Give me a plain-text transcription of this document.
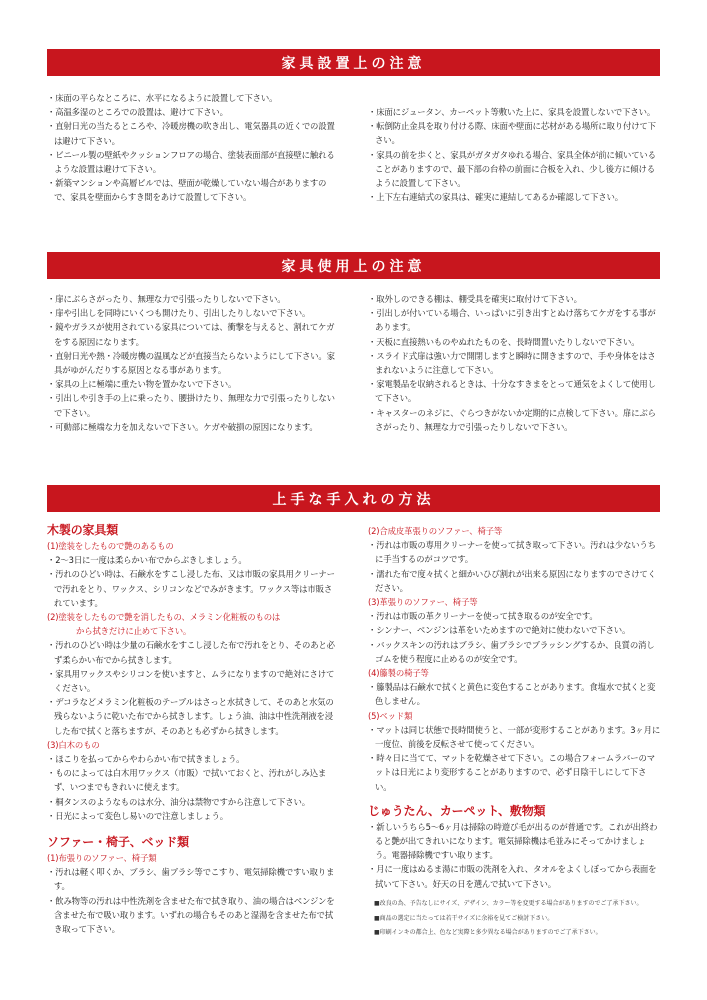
家具設置上の注意

・ 床面の平らなところに、水平になるように設置して下さい。

・ 高温多湿のところでの設置は、避けて下さい。

・ 直射日光の当たるところや、冷暖房機の吹き出し、電気器具の近くでの設置は避けて下さい。

・ ビニール製の壁紙やクッションフロアの場合、塗装表面部が直接壁に触れるような設置は避けて下さい。

・ 新築マンションや高層ビルでは、壁面が乾燥していない場合がありますので、家具を壁面からすき間をあけて設置して下さい。

・ 床面にジュータン、カーペット等敷いた上に、家具を設置しないで下さい。

・ 転倒防止金具を取り付ける際、床面や壁面に芯材がある場所に取り付けて下さい。

・ 家具の前を歩くと、家具がガタガタゆれる場合、家具全体が前に傾いていることがありますので、最下部の台枠の前面に合板を入れ、少し後方に傾けるように設置して下さい。

・ 上下左右連結式の家具は、確実に連結してあるか確認して下さい。

家具使用上の注意

・ 扉にぶらさがったり、無理な力で引張ったりしないで下さい。

・ 扉や引出しを同時にいくつも開けたり、引出したりしないで下さい。

・ 鏡やガラスが使用されている家具については、衝撃を与えると、割れてケガをする原因になります。

・ 直射日光や熱・冷暖房機の温風などが直接当たらないようにして下さい。家具がゆがんだりする原因となる事があります。

・ 家具の上に極端に重たい物を置かないで下さい。

・ 引出しや引き手の上に乗ったり、腰掛けたり、無理な力で引張ったりしないで下さい。

・ 可動部に極端な力を加えないで下さい。ケガや破損の原因になります。

・ 取外しのできる棚は、棚受具を確実に取付けて下さい。

・ 引出しが付いている場合、いっぱいに引き出すとぬけ落ちてケガをする事があります。

・ 天板に直接熱いものやぬれたものを、長時間置いたりしないで下さい。

・ スライド式扉は強い力で開閉しますと瞬時に開きますので、手や身体をはさまれないように注意して下さい。

・ 家電製品を収納されるときは、十分なすきまをとって通気をよくして使用して下さい。

・ キャスターのネジに、ぐらつきがないか定期的に点検して下さい。扉にぶらさがったり、無理な力で引張ったりしないで下さい。

上手な手入れの方法
木製の家具類

(1)塗装をしたもので艶のあるもの

・ 2～3日に一度は柔らかい布でからぶきしましょう。

・ 汚れのひどい時は、石鹸水をすこし浸した布、又は市販の家具用クリーナーで汚れをとり、ワックス、シリコンなどでみがきます。ワックス等は市販されています。

(2)塗装をしたもので艶を消したもの、メラミン化粧板のものは

から拭きだけに止めて下さい。

・ 汚れのひどい時は少量の石鹸水をすこし浸した布で汚れをとり、そのあと必ず柔らかい布でから拭きします。

・ 家具用ワックスやシリコンを使いますと、ムラになりますので絶対にさけてください。

・ デコラなどメラミン化粧板のテーブルはさっと水拭きして、そのあと水気の残らないように乾いた布でから拭きします。しょう油、油は中性洗剤液を浸した布で拭くと落ちますが、そのあとも必ずから拭きします。

(3)白木のもの

・ ほこりを払ってからやわらかい布で拭きましょう。

・ ものによっては白木用ワックス（市販）で拭いておくと、汚れがしみ込まず、いつまでもきれいに使えます。

・ 桐タンスのようなものは水分、油分は禁物ですから注意して下さい。

・ 日光によって変色し易いので注意しましょう。

ソファー・椅子、ベッド類

(1)布張りのソファー、椅子類

・ 汚れは軽く叩くか、ブラシ、歯ブラシ等でこすり、電気掃除機ですい取ります。

・ 飲み物等の汚れは中性洗剤を含ませた布で拭き取り、油の場合はベンジンを含ませた布で吸い取ります。いずれの場合もそのあと湿湯を含ませた布で拭き取って下さい。

(2)合成皮革張りのソファー、椅子等

・ 汚れは市販の専用クリーナーを使って拭き取って下さい。汚れは少ないうちに手当するのがコツです。

・ 濡れた布で度々拭くと細かいひび割れが出来る原因になりますのでさけてください。

(3)革張りのソファー、椅子等

・ 汚れは市販の革クリーナーを使って拭き取るのが安全です。

・ シンナー、ベンジンは革をいためますので絶対に使わないで下さい。

・ バックスキンの汚れはブラシ、歯ブラシでブラッシングするか、良質の消しゴムを使う程度に止めるのが安全です。

(4)籐製の椅子等

・ 籐製品は石鹸水で拭くと黄色に変色することがあります。食塩水で拭くと変色しません。

(5)ベッド類

・ マットは同じ状態で長時間使うと、一部が変形することがあります。3ヶ月に一度位、前後を反転させて使ってください。

・ 時々日に当てて、マットを乾燥させて下さい。この場合フォームラバーのマットは日光により変形することがありますので、必ず日陰干しにして下さい。

じゅうたん、カーペット、敷物類

・ 新しいうちら5～6ヶ月は掃除の時遊び毛が出るのが普通です。これが出終わると艶が出てきれいになります。電気掃除機は毛並みにそってかけましょう。電器掃除機ですい取ります。

・ 月に一度はぬるま湯に市販の洗剤を入れ、タオルをよくしぼってから表面を拭いて下さい。好天の日を選んで拭いて下さい。

■ 改良の為、予告なしにサイズ、デザイン、カラー等を変更する場合がありますのでご了承下さい。

■ 商品の選定に当たっては若干サイズに余裕を見てご検討下さい。

■ 印刷インキの都合上、色など実際と多少異なる場合がありますのでご了承下さい。
